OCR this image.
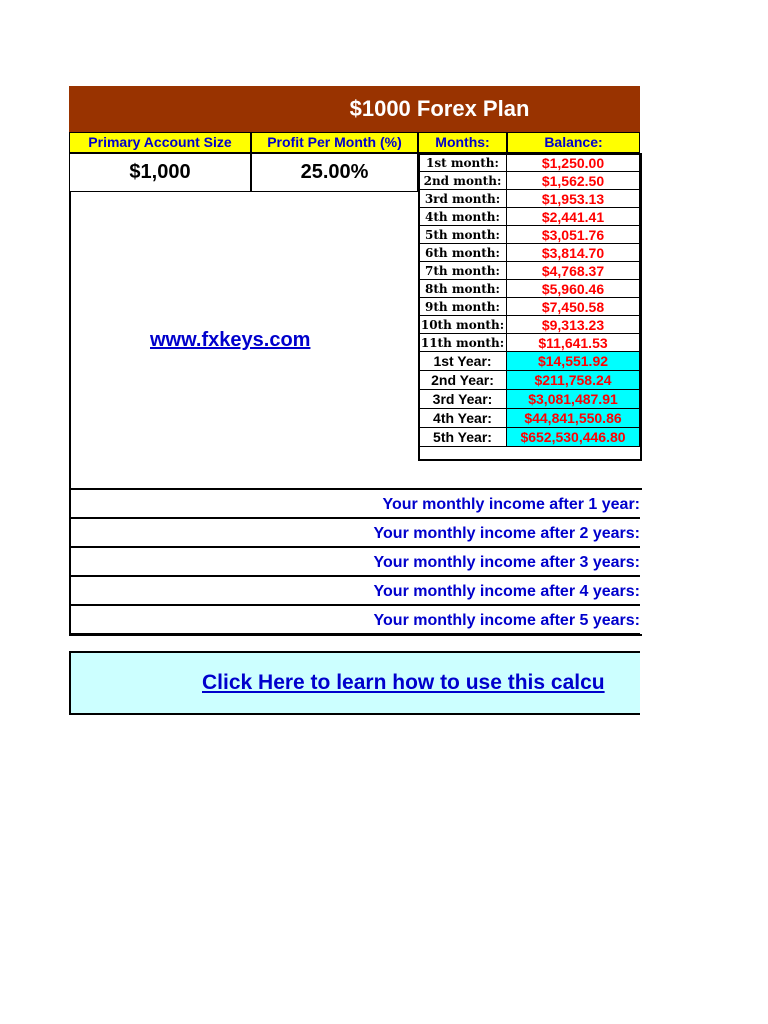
$1000 Forex Plan
Primary Account Size	Profit Per Month (%)	Months:	Balance:
$1,000	25.00%
www.fxkeys.com
1st month:	$1,250.00
2nd month:	$1,562.50
3rd month:	$1,953.13
4th month:	$2,441.41
5th month:	$3,051.76
6th month:	$3,814.70
7th month:	$4,768.37
8th month:	$5,960.46
9th month:	$7,450.58
10th month:	$9,313.23
11th month:	$11,641.53
1st Year:	$14,551.92
2nd Year:	$211,758.24
3rd Year:	$3,081,487.91
4th Year:	$44,841,550.86
5th Year:	$652,530,446.80
Your monthly income after 1 year:
Your monthly income after 2 years:
Your monthly income after 3 years:
Your monthly income after 4 years:
Your monthly income after 5 years:
Click Here to learn how to use this calcu
